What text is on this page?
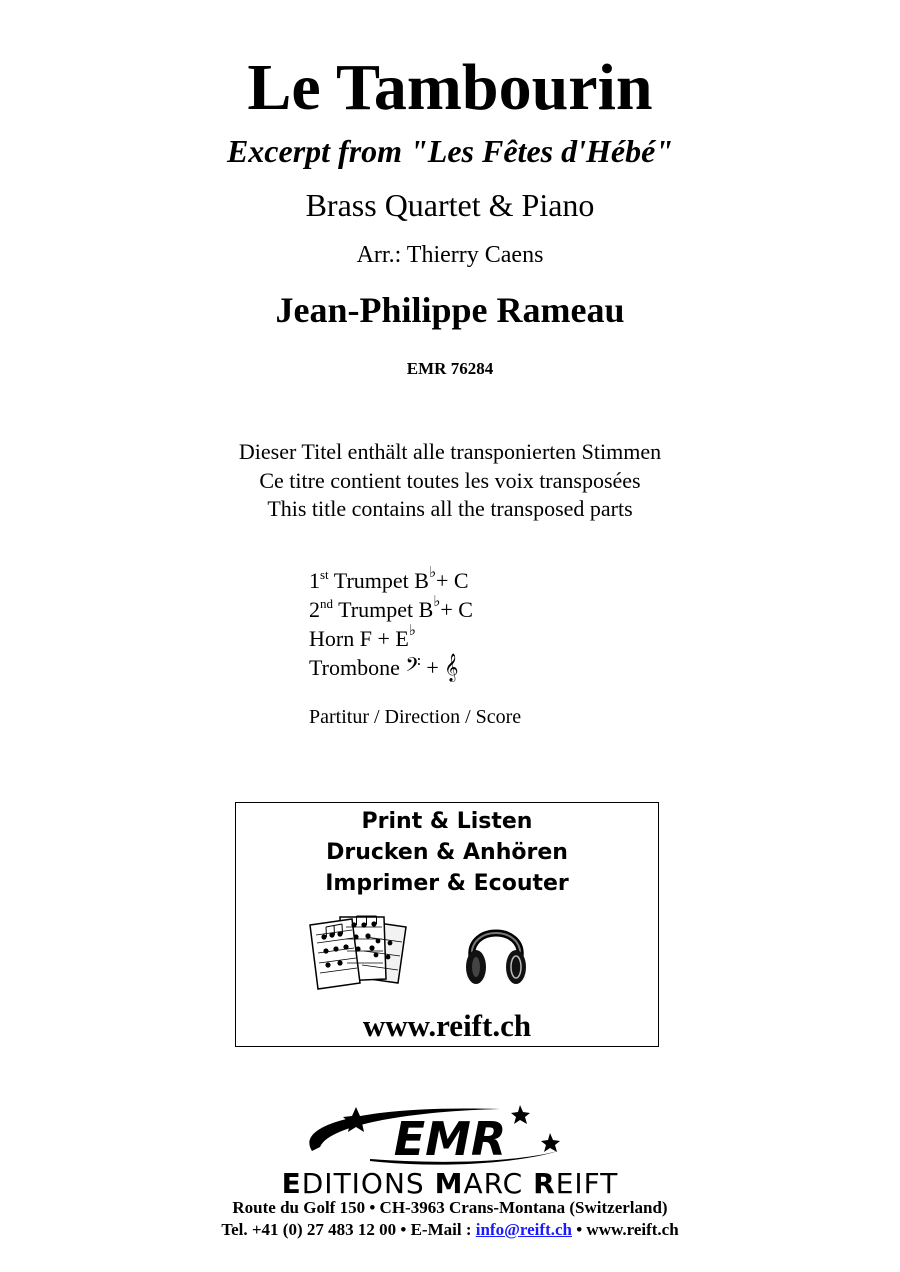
Le Tambourin
Excerpt from "Les Fêtes d'Hébé"
Brass Quartet & Piano
Arr.: Thierry Caens
Jean-Philippe Rameau
EMR 76284
Dieser Titel enthält alle transponierten Stimmen
Ce titre contient toutes les voix transposées
This title contains all the transposed parts
1st Trumpet B♭+ C
2nd Trumpet B♭+ C
Horn F + E♭
Trombone 𝄢 + 𝄞
Partitur / Direction / Score
Print & Listen
Drucken & Anhören
Imprimer & Ecouter
www.reift.ch
EMR
EDITIONS MARC REIFT
Route du Golf 150 • CH-3963 Crans-Montana (Switzerland)
Tel. +41 (0) 27 483 12 00 • E-Mail : info@reift.ch • www.reift.ch
